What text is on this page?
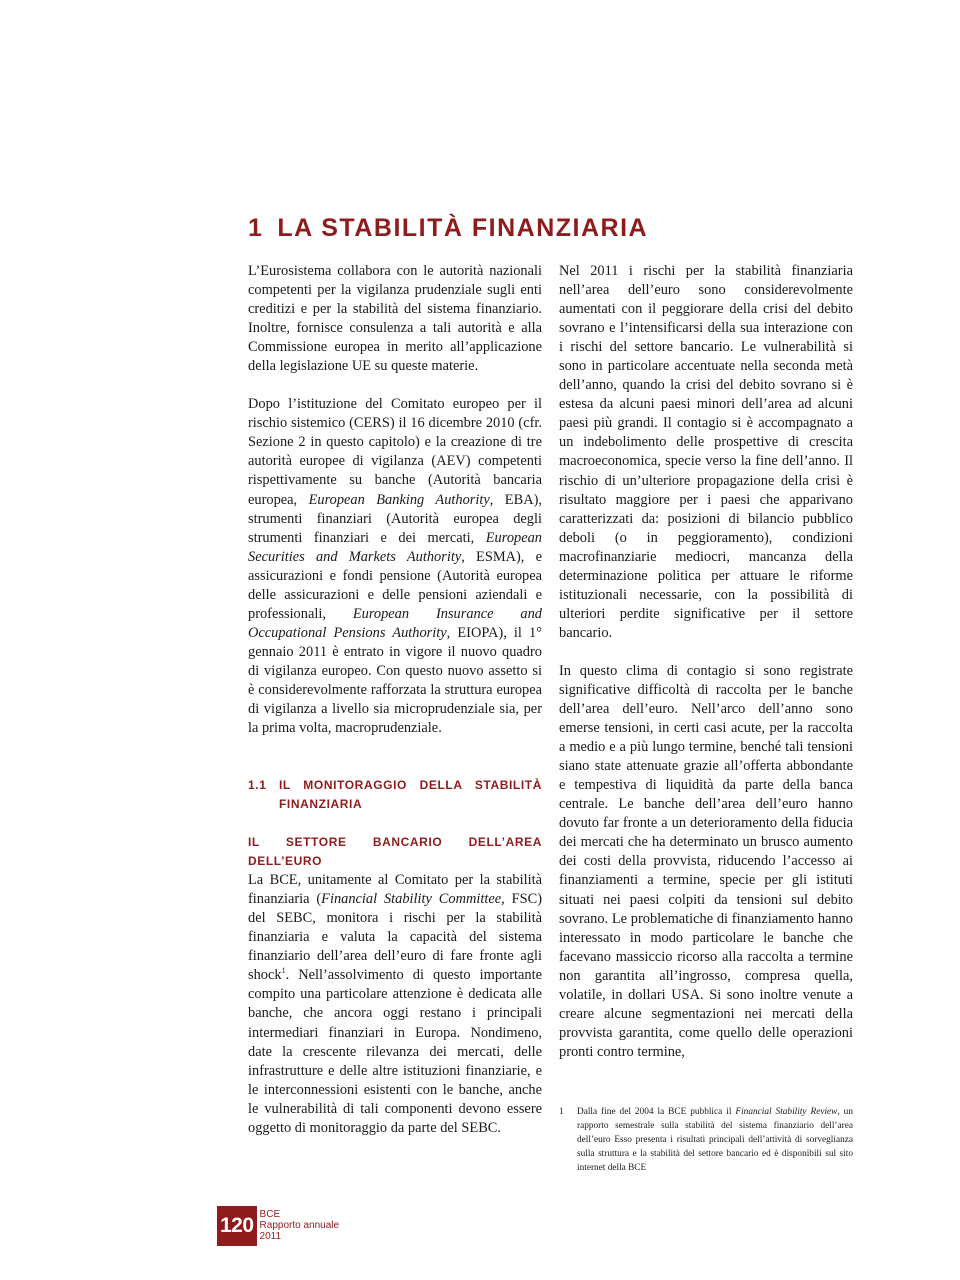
1 LA STABILITÀ FINANZIARIA

L’Eurosistema collabora con le autorità nazionali competenti per la vigilanza prudenziale sugli enti creditizi e per la stabilità del sistema finanziario. Inoltre, fornisce consulenza a tali autorità e alla Commissione europea in merito all’applicazione della legislazione UE su queste materie.

Dopo l’istituzione del Comitato europeo per il rischio sistemico (CERS) il 16 dicembre 2010 (cfr. Sezione 2 in questo capitolo) e la creazione di tre autorità europee di vigilanza (AEV) competenti rispettivamente su banche (Autorità bancaria europea, European Banking Authority, EBA), strumenti finanziari (Autorità europea degli strumenti finanziari e dei mercati, European Securities and Markets Authority, ESMA), e assicurazioni e fondi pensione (Autorità europea delle assicurazioni e delle pensioni aziendali e professionali, European Insurance and Occupational Pensions Authority, EIOPA), il 1° gennaio 2011 è entrato in vigore il nuovo quadro di vigilanza europeo. Con questo nuovo assetto si è considerevolmente rafforzata la struttura europea di vigilanza a livello sia microprudenziale sia, per la prima volta, macroprudenziale.

1.1	IL MONITORAGGIO DELLA STABILITÀ FINANZIARIA
IL SETTORE BANCARIO DELL’AREA DELL’EURO

La BCE, unitamente al Comitato per la stabilità finanziaria (Financial Stability Committee, FSC) del SEBC, monitora i rischi per la stabilità finanziaria e valuta la capacità del sistema finanziario dell’area dell’euro di fare fronte agli shock$^1$. Nell’assolvimento di questo importante compito una particolare attenzione è dedicata alle banche, che ancora oggi restano i principali intermediari finanziari in Europa. Nondimeno, date la crescente rilevanza dei mercati, delle infrastrutture e delle altre istituzioni finanziarie, e le interconnessioni esistenti con le banche, anche le vulnerabilità di tali componenti devono essere oggetto di monitoraggio da parte del SEBC.

Nel 2011 i rischi per la stabilità finanziaria nell’area dell’euro sono considerevolmente aumentati con il peggiorare della crisi del debito sovrano e l’intensificarsi della sua interazione con i rischi del settore bancario. Le vulnerabilità si sono in particolare accentuate nella seconda metà dell’anno, quando la crisi del debito sovrano si è estesa da alcuni paesi minori dell’area ad alcuni paesi più grandi. Il contagio si è accompagnato a un indebolimento delle prospettive di crescita macroeconomica, specie verso la fine dell’anno. Il rischio di un’ulteriore propagazione della crisi è risultato maggiore per i paesi che apparivano caratterizzati da: posizioni di bilancio pubblico deboli (o in peggioramento), condizioni macrofinanziarie mediocri, mancanza della determinazione politica per attuare le riforme istituzionali necessarie, con la possibilità di ulteriori perdite significative per il settore bancario.

In questo clima di contagio si sono registrate significative difficoltà di raccolta per le banche dell’area dell’euro. Nell’arco dell’anno sono emerse tensioni, in certi casi acute, per la raccolta a medio e a più lungo termine, benché tali tensioni siano state attenuate grazie all’offerta abbondante e tempestiva di liquidità da parte della banca centrale. Le banche dell’area dell’euro hanno dovuto far fronte a un deterioramento della fiducia dei mercati che ha determinato un brusco aumento dei costi della provvista, riducendo l’accesso ai finanziamenti a termine, specie per gli istituti situati nei paesi colpiti da tensioni sul debito sovrano. Le problematiche di finanziamento hanno interessato in modo particolare le banche che facevano massiccio ricorso alla raccolta a termine non garantita all’ingrosso, compresa quella, volatile, in dollari USA. Si sono inoltre venute a creare alcune segmentazioni nei mercati della provvista garantita, come quello delle operazioni pronti contro termine,

1	Dalla fine del 2004 la BCE pubblica il Financial Stability Review, un rapporto semestrale sulla stabilità del sistema finanziario dell’area dell’euro Esso presenta i risultati principali dell’attività di sorveglianza sulla struttura e la stabilità del settore bancario ed è disponibili sul sito internet della BCE
120 BCE
Rapporto annuale
2011
